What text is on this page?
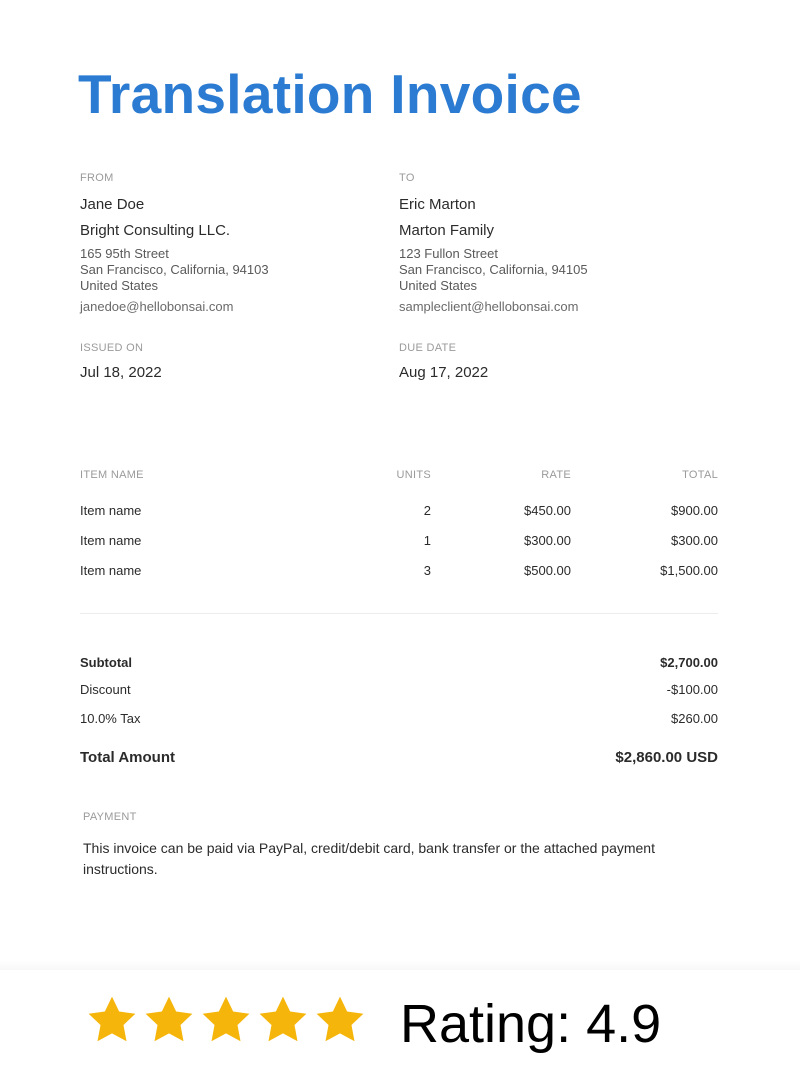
Translation Invoice
FROM
Jane Doe
Bright Consulting LLC.
165 95th Street
San Francisco, California, 94103
United States
janedoe@hellobonsai.com
TO
Eric Marton
Marton Family
123 Fullon Street
San Francisco, California, 94105
United States
sampleclient@hellobonsai.com
ISSUED ON
Jul 18, 2022
DUE DATE
Aug 17, 2022
ITEM NAME	UNITS	RATE	TOTAL
Item name	2	$450.00	$900.00
Item name	1	$300.00	$300.00
Item name	3	$500.00	$1,500.00
Subtotal	$2,700.00
Discount	-$100.00
10.0% Tax	$260.00
Total Amount	$2,860.00 USD
PAYMENT
This invoice can be paid via PayPal, credit/debit card, bank transfer or the attached payment instructions.
Rating: 4.9
